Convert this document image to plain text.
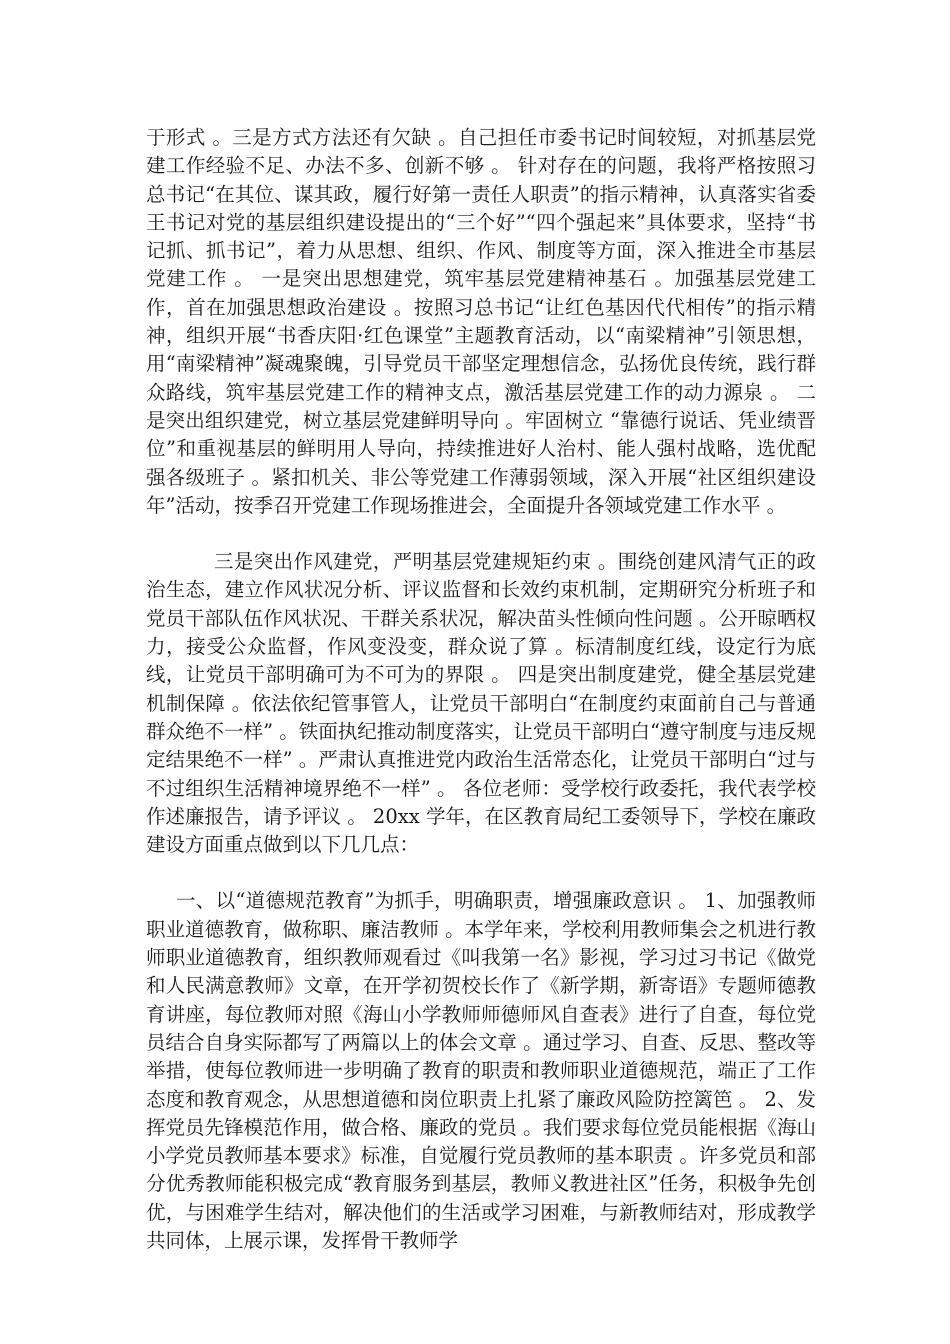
于形式 。三是方式方法还有欠缺 。自己担任市委书记时间较短，对抓基层党建工作经验不足、办法不多、创新不够 。 针对存在的问题，我将严格按照习总书记“在其位、谋其政，履行好第一责任人职责”的指示精神，认真落实省委王书记对党的基层组织建设提出的“三个好”“四个强起来”具体要求，坚持“书记抓、抓书记”，着力从思想、组织、作风、制度等方面，深入推进全市基层党建工作 。 一是突出思想建党，筑牢基层党建精神基石 。加强基层党建工作，首在加强思想政治建设 。按照习总书记“让红色基因代代相传”的指示精神，组织开展“书香庆阳·红色课堂”主题教育活动，以“南梁精神”引领思想，用“南梁精神”凝魂聚魄，引导党员干部坚定理想信念，弘扬优良传统，践行群众路线，筑牢基层党建工作的精神支点，激活基层党建工作的动力源泉 。 二是突出组织建党，树立基层党建鲜明导向 。牢固树立 “靠德行说话、凭业绩晋位”和重视基层的鲜明用人导向，持续推进好人治村、能人强村战略，选优配强各级班子 。紧扣机关、非公等党建工作薄弱领域，深入开展“社区组织建设年”活动，按季召开党建工作现场推进会，全面提升各领域党建工作水平 。

三是突出作风建党，严明基层党建规矩约束 。围绕创建风清气正的政治生态，建立作风状况分析、评议监督和长效约束机制，定期研究分析班子和党员干部队伍作风状况、干群关系状况，解决苗头性倾向性问题 。公开晾晒权力，接受公众监督，作风变没变，群众说了算 。标清制度红线，设定行为底线，让党员干部明确可为不可为的界限 。 四是突出制度建党，健全基层党建机制保障 。依法依纪管事管人，让党员干部明白“在制度约束面前自己与普通群众绝不一样” 。铁面执纪推动制度落实，让党员干部明白“遵守制度与违反规定结果绝不一样” 。严肃认真推进党内政治生活常态化，让党员干部明白“过与不过组织生活精神境界绝不一样” 。 各位老师：受学校行政委托，我代表学校作述廉报告，请予评议 。 20xx 学年，在区教育局纪工委领导下，学校在廉政建设方面重点做到以下几几点：

一、以“道德规范教育”为抓手，明确职责，增强廉政意识 。 1、加强教师职业道德教育，做称职、廉洁教师 。本学年来，学校利用教师集会之机进行教师职业道德教育，组织教师观看过《叫我第一名》影视，学习过习书记《做党和人民满意教师》文章，在开学初贺校长作了《新学期，新寄语》专题师德教育讲座，每位教师对照《海山小学教师师德师风自查表》进行了自查，每位党员结合自身实际都写了两篇以上的体会文章 。通过学习、自查、反思、整改等举措，使每位教师进一步明确了教育的职责和教师职业道德规范，端正了工作态度和教育观念，从思想道德和岗位职责上扎紧了廉政风险防控篱笆 。 2、发挥党员先锋模范作用，做合格、廉政的党员 。我们要求每位党员能根据《海山小学党员教师基本要求》标准，自觉履行党员教师的基本职责 。许多党员和部分优秀教师能积极完成“教育服务到基层，教师义教进社区”任务，积极争先创优，与困难学生结对，解决他们的生活或学习困难，与新教师结对，形成教学共同体，上展示课，发挥骨干教师学
